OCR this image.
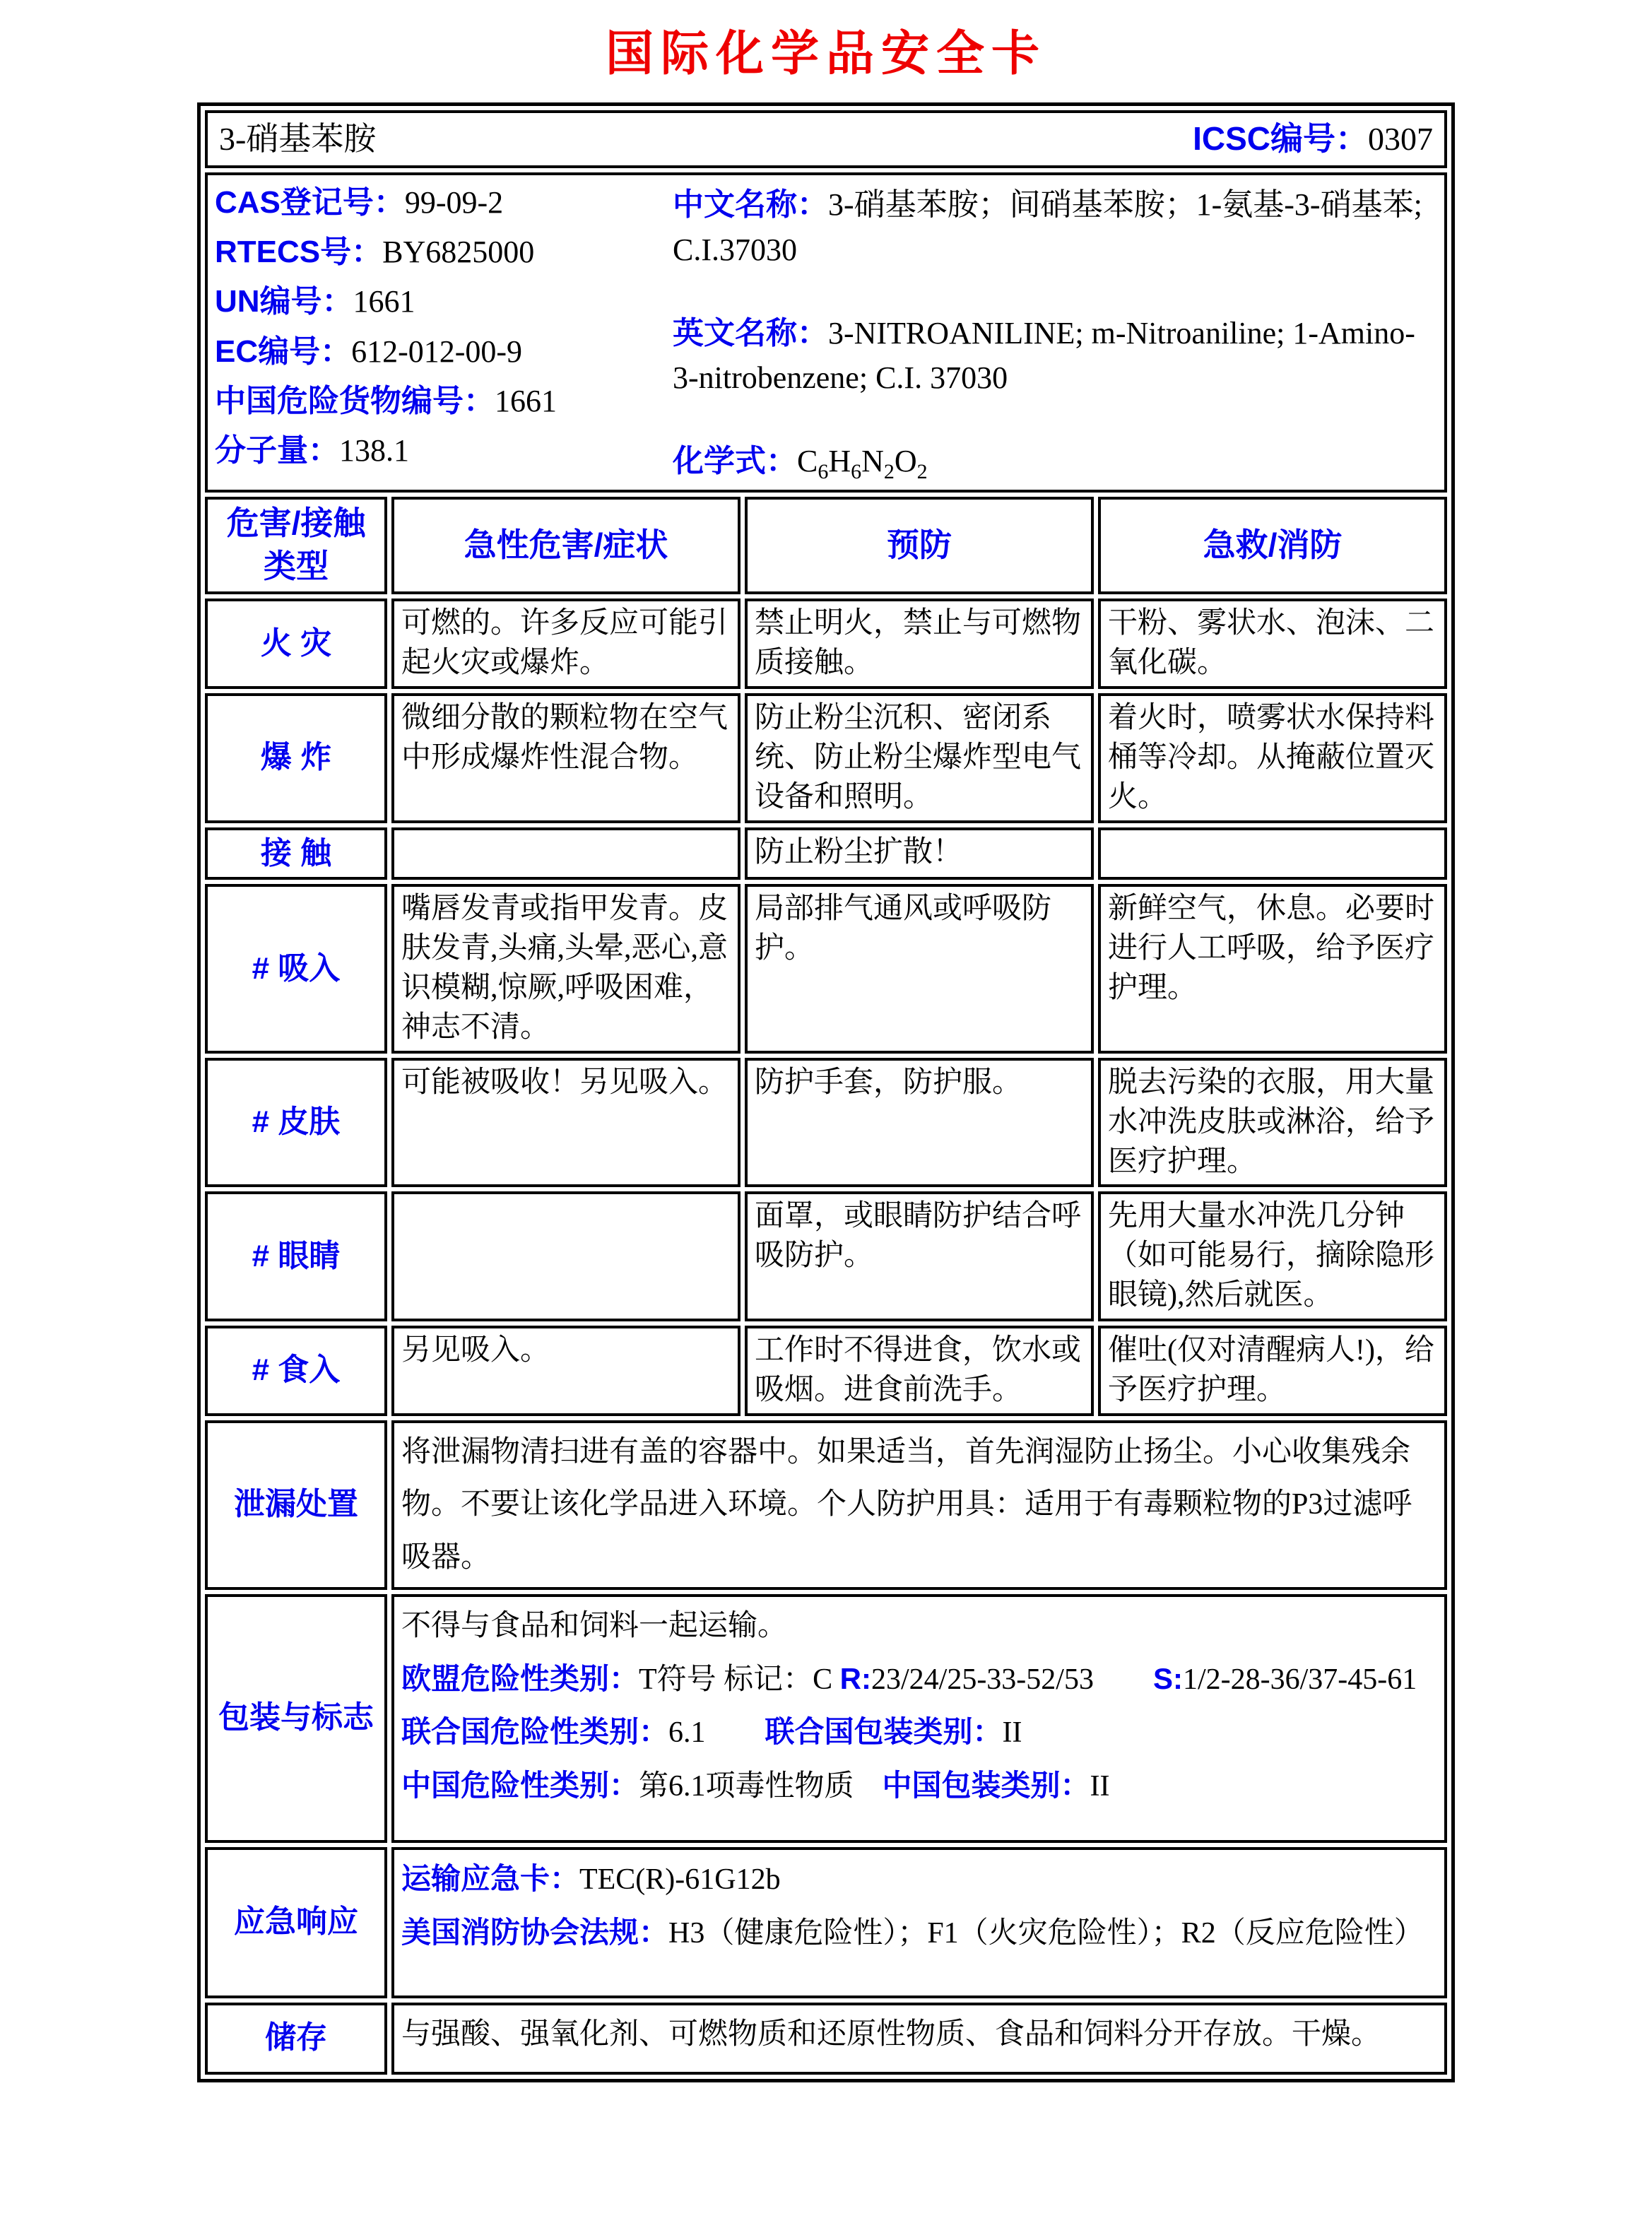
国际化学品安全卡
3-硝基苯胺 ICSC编号：0307			

CAS登记号：99-09-2
RTECS号：BY6825000
UN编号：1661
EC编号：612-012-00-9
中国危险货物编号：1661
分子量：138.1
中文名称：3-硝基苯胺；间硝基苯胺；1-氨基-3-硝基苯; C.I.37030
英文名称：3-NITROANILINE; m-Nitroaniline; 1-Amino-3-nitrobenzene; C.I. 37030
化学式：$C_6H_6N_2O_2$

危害/接触类型	急性危害/症状	预防	急救/消防
火 灾	可燃的。许多反应可能引起火灾或爆炸。	禁止明火，禁止与可燃物质接触。	干粉、雾状水、泡沫、二氧化碳。
爆 炸	微细分散的颗粒物在空气中形成爆炸性混合物。	防止粉尘沉积、密闭系统、防止粉尘爆炸型电气设备和照明。	着火时，喷雾状水保持料桶等冷却。从掩蔽位置灭火。
接 触		防止粉尘扩散！	
# 吸入	嘴唇发青或指甲发青。皮肤发青,头痛,头晕,恶心,意识模糊,惊厥,呼吸困难，神志不清。	局部排气通风或呼吸防护。	新鲜空气，休息。必要时进行人工呼吸，给予医疗护理。
# 皮肤	可能被吸收！另见吸入。	防护手套，防护服。	脱去污染的衣服，用大量水冲洗皮肤或淋浴，给予医疗护理。
# 眼睛		面罩，或眼睛防护结合呼吸防护。	先用大量水冲洗几分钟（如可能易行，摘除隐形眼镜),然后就医。
# 食入	另见吸入。	工作时不得进食，饮水或吸烟。进食前洗手。	催吐(仅对清醒病人!)，给予医疗护理。
泄漏处置	将泄漏物清扫进有盖的容器中。如果适当，首先润湿防止扬尘。小心收集残余物。不要让该化学品进入环境。个人防护用具：适用于有毒颗粒物的P3过滤呼吸器。		

包装与标志	不得与食品和饲料一起运输。
欧盟危险性类别：T符号 标记：C R:23/24/25-33-52/53 S:1/2-28-36/37-45-61
联合国危险性类别：6.1 联合国包装类别：II
中国危险性类别：第6.1项毒性物质 中国包装类别：II		

应急响应	运输应急卡：TEC(R)-61G12b
美国消防协会法规：H3（健康危险性）；F1（火灾危险性）；R2（反应危险性）		

储存	与强酸、强氧化剂、可燃物质和还原性物质、食品和饲料分开存放。干燥。		
